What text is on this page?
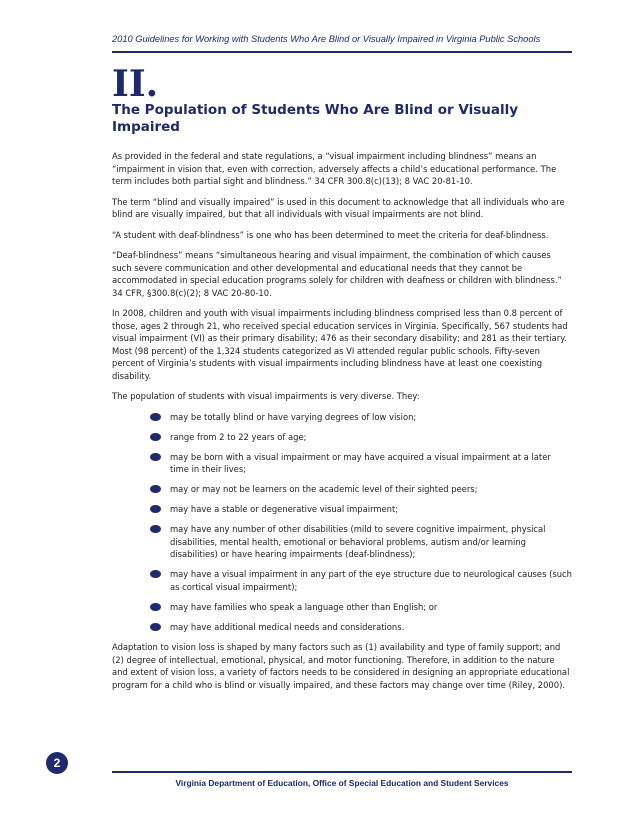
2010 Guidelines for Working with Students Who Are Blind or Visually Impaired in Virginia Public Schools
II.
The Population of Students Who Are Blind or Visually Impaired

As provided in the federal and state regulations, a “visual impairment including blindness” means an “impairment in vision that, even with correction, adversely affects a child’s educational performance. The term includes both partial sight and blindness.” 34 CFR 300.8(c)(13); 8 VAC 20-81-10.

The term “blind and visually impaired” is used in this document to acknowledge that all individuals who are blind are visually impaired, but that all individuals with visual impairments are not blind.

“A student with deaf-blindness” is one who has been determined to meet the criteria for deaf-blindness.

“Deaf-blindness” means “simultaneous hearing and visual impairment, the combination of which causes such severe communication and other developmental and educational needs that they cannot be accommodated in special education programs solely for children with deafness or children with blindness.” 34 CFR, §300.8(c)(2); 8 VAC 20-80-10.

In 2008, children and youth with visual impairments including blindness comprised less than 0.8 percent of those, ages 2 through 21, who received special education services in Virginia. Specifically, 567 students had visual impairment (VI) as their primary disability; 476 as their secondary disability; and 281 as their tertiary. Most (98 percent) of the 1,324 students categorized as VI attended regular public schools. Fifty-seven percent of Virginia’s students with visual impairments including blindness have at least one coexisting disability.

The population of students with visual impairments is very diverse. They:

may be totally blind or have varying degrees of low vision;
range from 2 to 22 years of age;
may be born with a visual impairment or may have acquired a visual impairment at a later time in their lives;
may or may not be learners on the academic level of their sighted peers;
may have a stable or degenerative visual impairment;
may have any number of other disabilities (mild to severe cognitive impairment, physical disabilities, mental health, emotional or behavioral problems, autism and/or learning disabilities) or have hearing impairments (deaf-blindness);
may have a visual impairment in any part of the eye structure due to neurological causes (such as cortical visual impairment);
may have families who speak a language other than English; or
may have additional medical needs and considerations.

Adaptation to vision loss is shaped by many factors such as (1) availability and type of family support; and (2) degree of intellectual, emotional, physical, and motor functioning. Therefore, in addition to the nature and extent of vision loss, a variety of factors needs to be considered in designing an appropriate educational program for a child who is blind or visually impaired, and these factors may change over time (Riley, 2000).

2
Virginia Department of Education, Office of Special Education and Student Services
